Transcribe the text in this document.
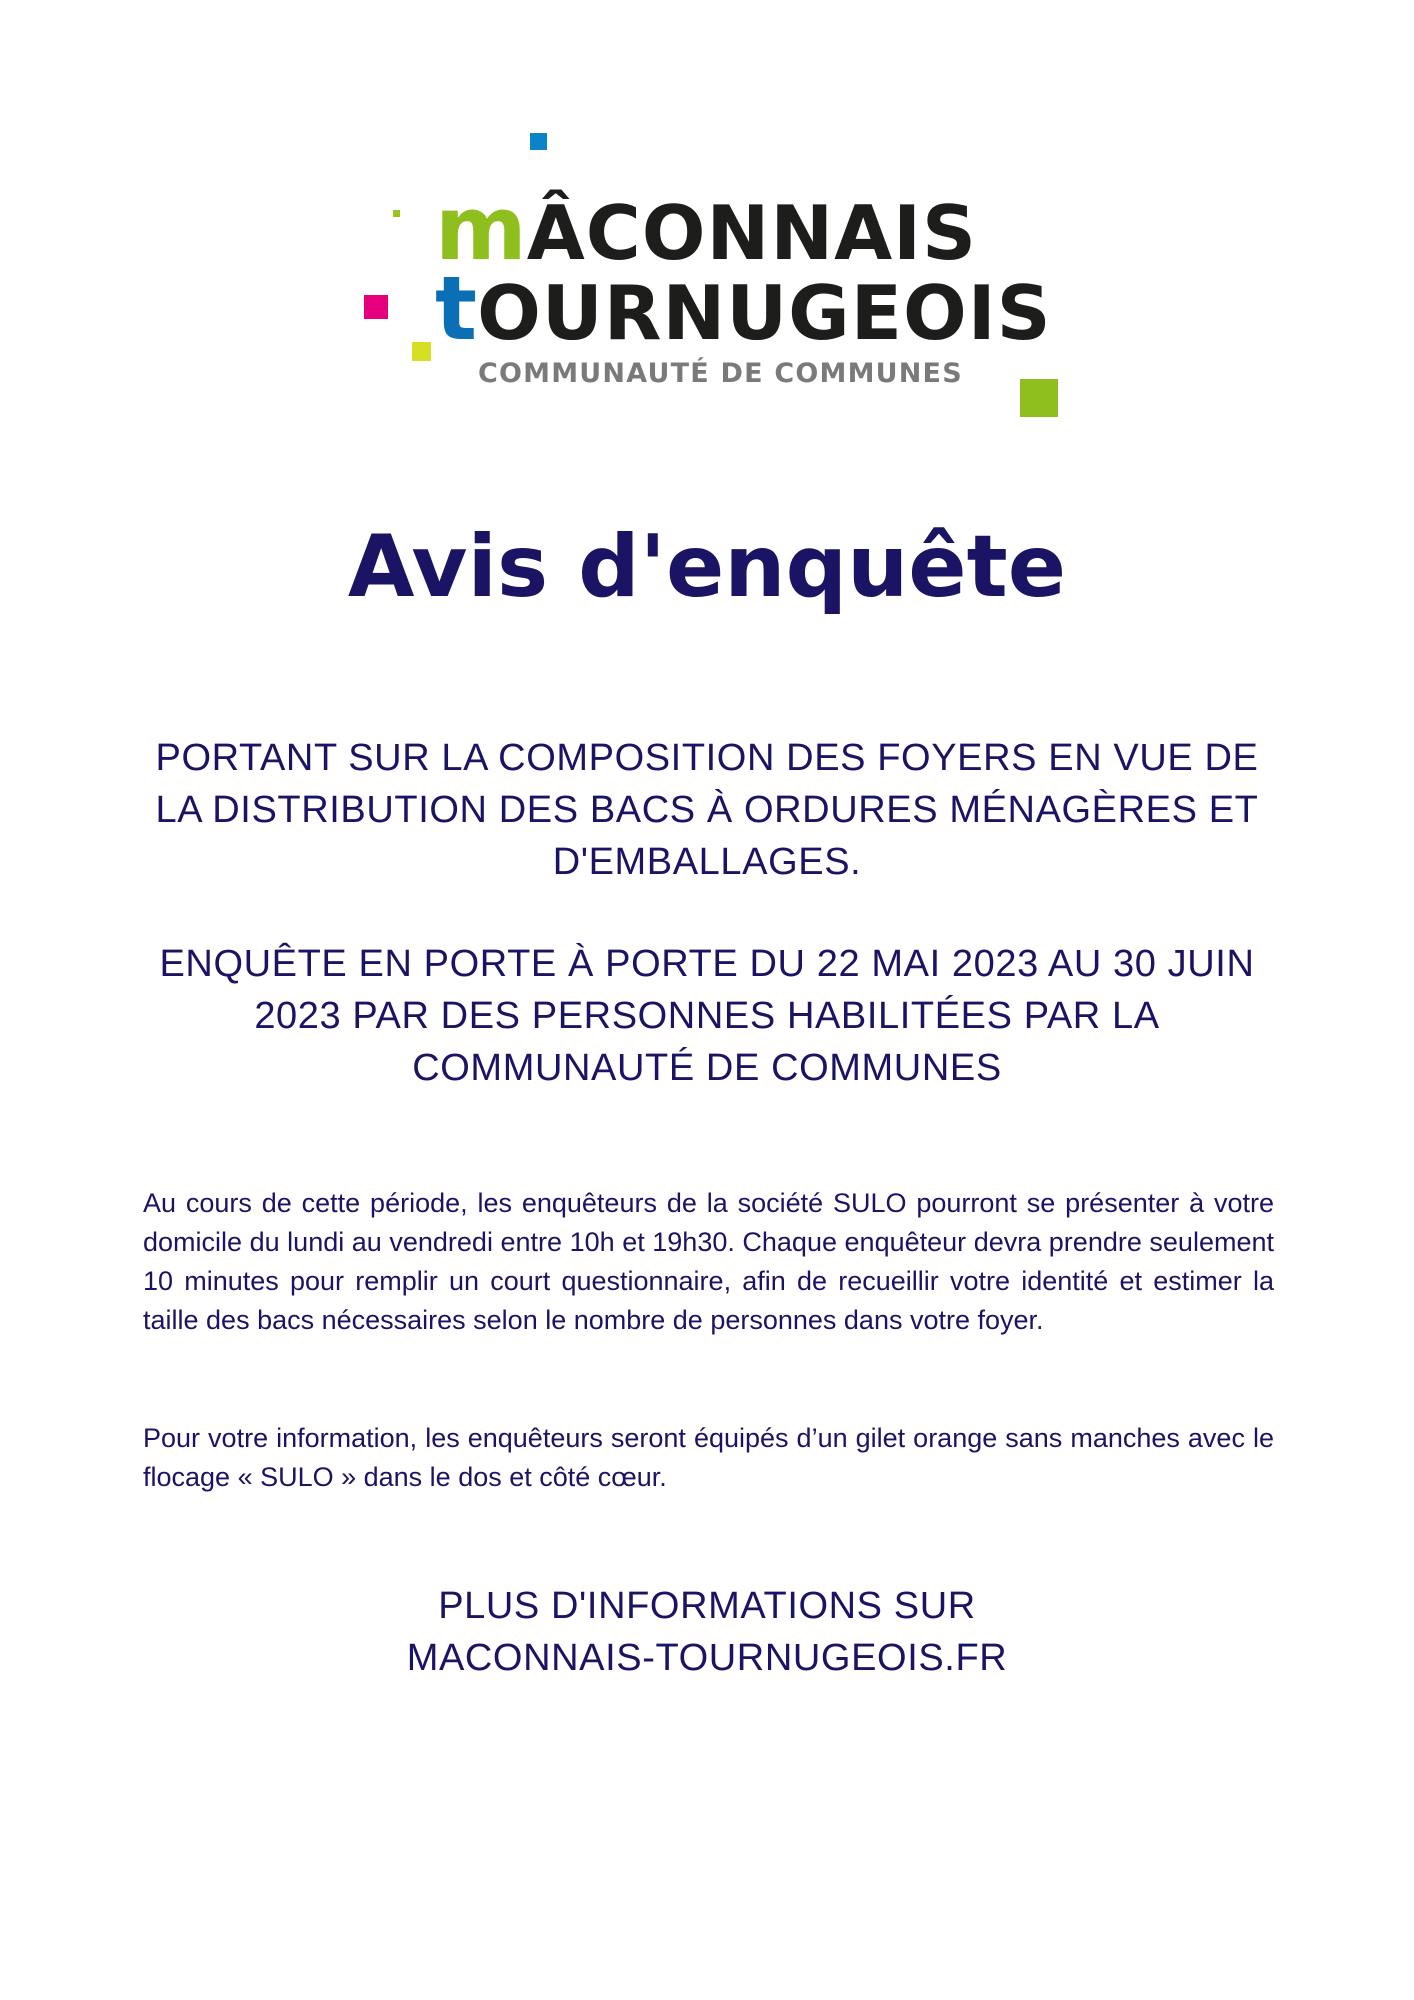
mÂCONNAIS
tOURNUGEOIS
COMMUNAUTÉ DE COMMUNES
Avis d'enquête

PORTANT SUR LA COMPOSITION DES FOYERS EN VUE DE LA DISTRIBUTION DES BACS À ORDURES MÉNAGÈRES ET D'EMBALLAGES.

ENQUÊTE EN PORTE À PORTE DU 22 MAI 2023 AU 30 JUIN 2023 PAR DES PERSONNES HABILITÉES PAR LA COMMUNAUTÉ DE COMMUNES

Au cours de cette période, les enquêteurs de la société SULO pourront se présenter à votre domicile du lundi au vendredi entre 10h et 19h30. Chaque enquêteur devra prendre seulement 10 minutes pour remplir un court questionnaire, afin de recueillir votre identité et estimer la taille des bacs nécessaires selon le nombre de personnes dans votre foyer.

Pour votre information, les enquêteurs seront équipés d’un gilet orange sans manches avec le flocage « SULO » dans le dos et côté cœur.

PLUS D'INFORMATIONS SUR
MACONNAIS-TOURNUGEOIS.FR
